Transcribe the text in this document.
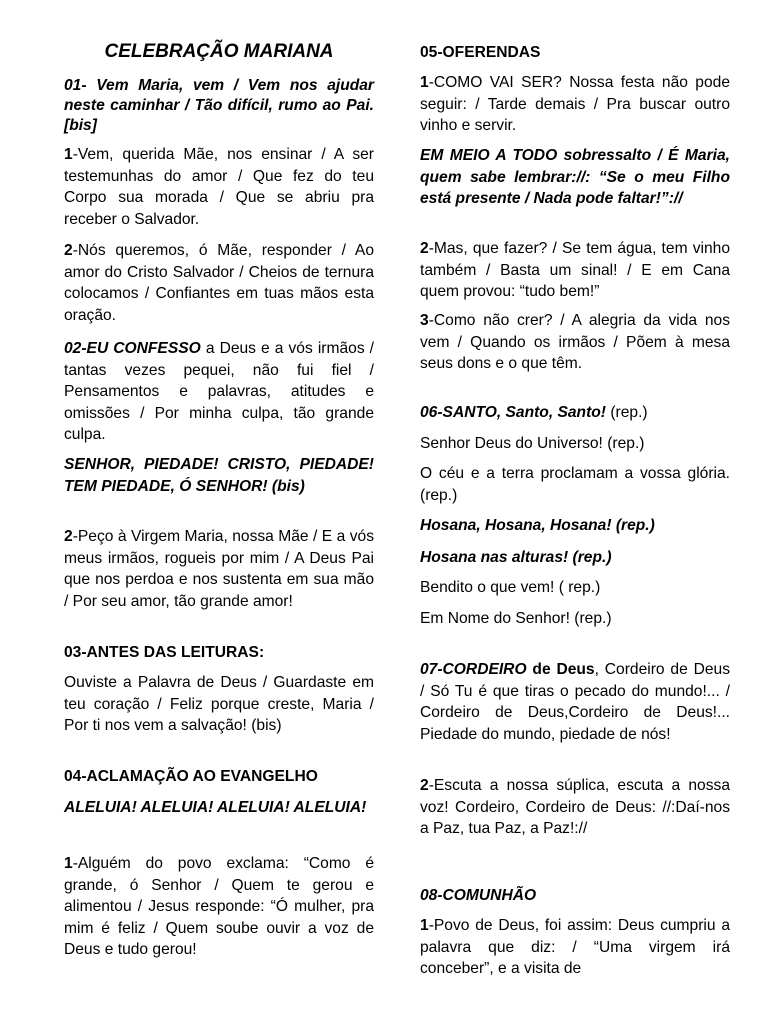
CELEBRAÇÃO MARIANA

01- Vem Maria, vem / Vem nos ajudar neste caminhar / Tão difícil, rumo ao Pai. [bis]

1-Vem, querida Mãe, nos ensinar / A ser testemunhas do amor / Que fez do teu Corpo sua morada / Que se abriu pra receber o Salvador.

2-Nós queremos, ó Mãe, responder / Ao amor do Cristo Salvador / Cheios de ternura colocamos / Confiantes em tuas mãos esta oração.

02-EU CONFESSO a Deus e a vós irmãos / tantas vezes pequei, não fui fiel / Pensamentos e palavras, atitudes e omissões / Por minha culpa, tão grande culpa.

SENHOR, PIEDADE! CRISTO, PIEDADE! TEM PIEDADE, Ó SENHOR! (bis)

2-Peço à Virgem Maria, nossa Mãe / E a vós meus irmãos, rogueis por mim / A Deus Pai que nos perdoa e nos sustenta em sua mão / Por seu amor, tão grande amor!

03-ANTES DAS LEITURAS:

Ouviste a Palavra de Deus / Guardaste em teu coração / Feliz porque creste, Maria / Por ti nos vem a salvação! (bis)

04-ACLAMAÇÃO AO EVANGELHO

ALELUIA! ALELUIA! ALELUIA! ALELUIA!

1-Alguém do povo exclama: “Como é grande, ó Senhor / Quem te gerou e alimentou / Jesus responde: “Ó mulher, pra mim é feliz / Quem soube ouvir a voz de Deus e tudo gerou!

05-OFERENDAS

1-COMO VAI SER? Nossa festa não pode seguir: / Tarde demais / Pra buscar outro vinho e servir.

EM MEIO A TODO sobressalto / É Maria, quem sabe lembrar://: “Se o meu Filho está presente / Nada pode faltar!”://

2-Mas, que fazer? / Se tem água, tem vinho também / Basta um sinal! / E em Cana quem provou: “tudo bem!”

3-Como não crer? / A alegria da vida nos vem / Quando os irmãos / Põem à mesa seus dons e o que têm.

06-SANTO, Santo, Santo! (rep.)

Senhor Deus do Universo! (rep.)

O céu e a terra proclamam a vossa glória. (rep.)

Hosana, Hosana, Hosana! (rep.)

Hosana nas alturas! (rep.)

Bendito o que vem! ( rep.)

Em Nome do Senhor! (rep.)

07-CORDEIRO de Deus, Cordeiro de Deus / Só Tu é que tiras o pecado do mundo!... / Cordeiro de Deus,Cordeiro de Deus!... Piedade do mundo, piedade de nós!

2-Escuta a nossa súplica, escuta a nossa voz! Cordeiro, Cordeiro de Deus: //:Daí-nos a Paz, tua Paz, a Paz!://

08-COMUNHÃO

1-Povo de Deus, foi assim: Deus cumpriu a palavra que diz: / “Uma virgem irá conceber”, e a visita de
